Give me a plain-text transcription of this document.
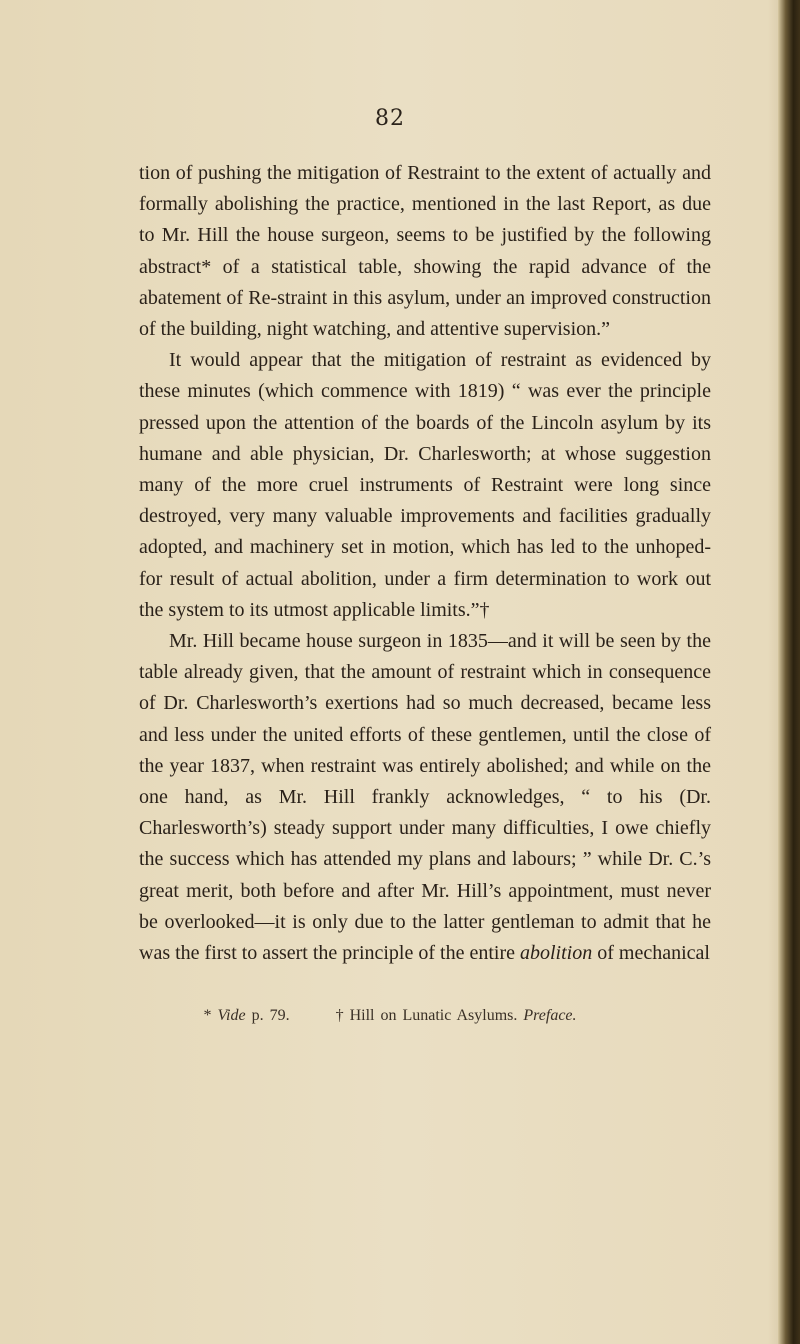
82

tion of pushing the mitigation of Restraint to the extent of actually and formally abolishing the practice, mentioned in the last Report, as due to Mr. Hill the house surgeon, seems to be justified by the following abstract* of a statistical table, showing the rapid advance of the abatement of Re-straint in this asylum, under an improved construction of the building, night watching, and attentive supervision.”

It would appear that the mitigation of restraint as evidenced by these minutes (which commence with 1819) “ was ever the principle pressed upon the attention of the boards of the Lincoln asylum by its humane and able physician, Dr. Charlesworth; at whose suggestion many of the more cruel instruments of Restraint were long since destroyed, very many valuable improvements and facilities gradually adopted, and machinery set in motion, which has led to the unhoped-for result of actual abolition, under a firm determination to work out the system to its utmost applicable limits.”†

Mr. Hill became house surgeon in 1835—and it will be seen by the table already given, that the amount of restraint which in consequence of Dr. Charlesworth’s exertions had so much decreased, became less and less under the united efforts of these gentlemen, until the close of the year 1837, when restraint was entirely abolished; and while on the one hand, as Mr. Hill frankly acknowledges, “ to his (Dr. Charlesworth’s) steady support under many difficulties, I owe chiefly the success which has attended my plans and labours; ” while Dr. C.’s great merit, both before and after Mr. Hill’s appointment, must never be overlooked—it is only due to the latter gentleman to admit that he was the first to assert the principle of the entire abolition of mechanical

* Vide p. 79.	† Hill on Lunatic Asylums. Preface.
